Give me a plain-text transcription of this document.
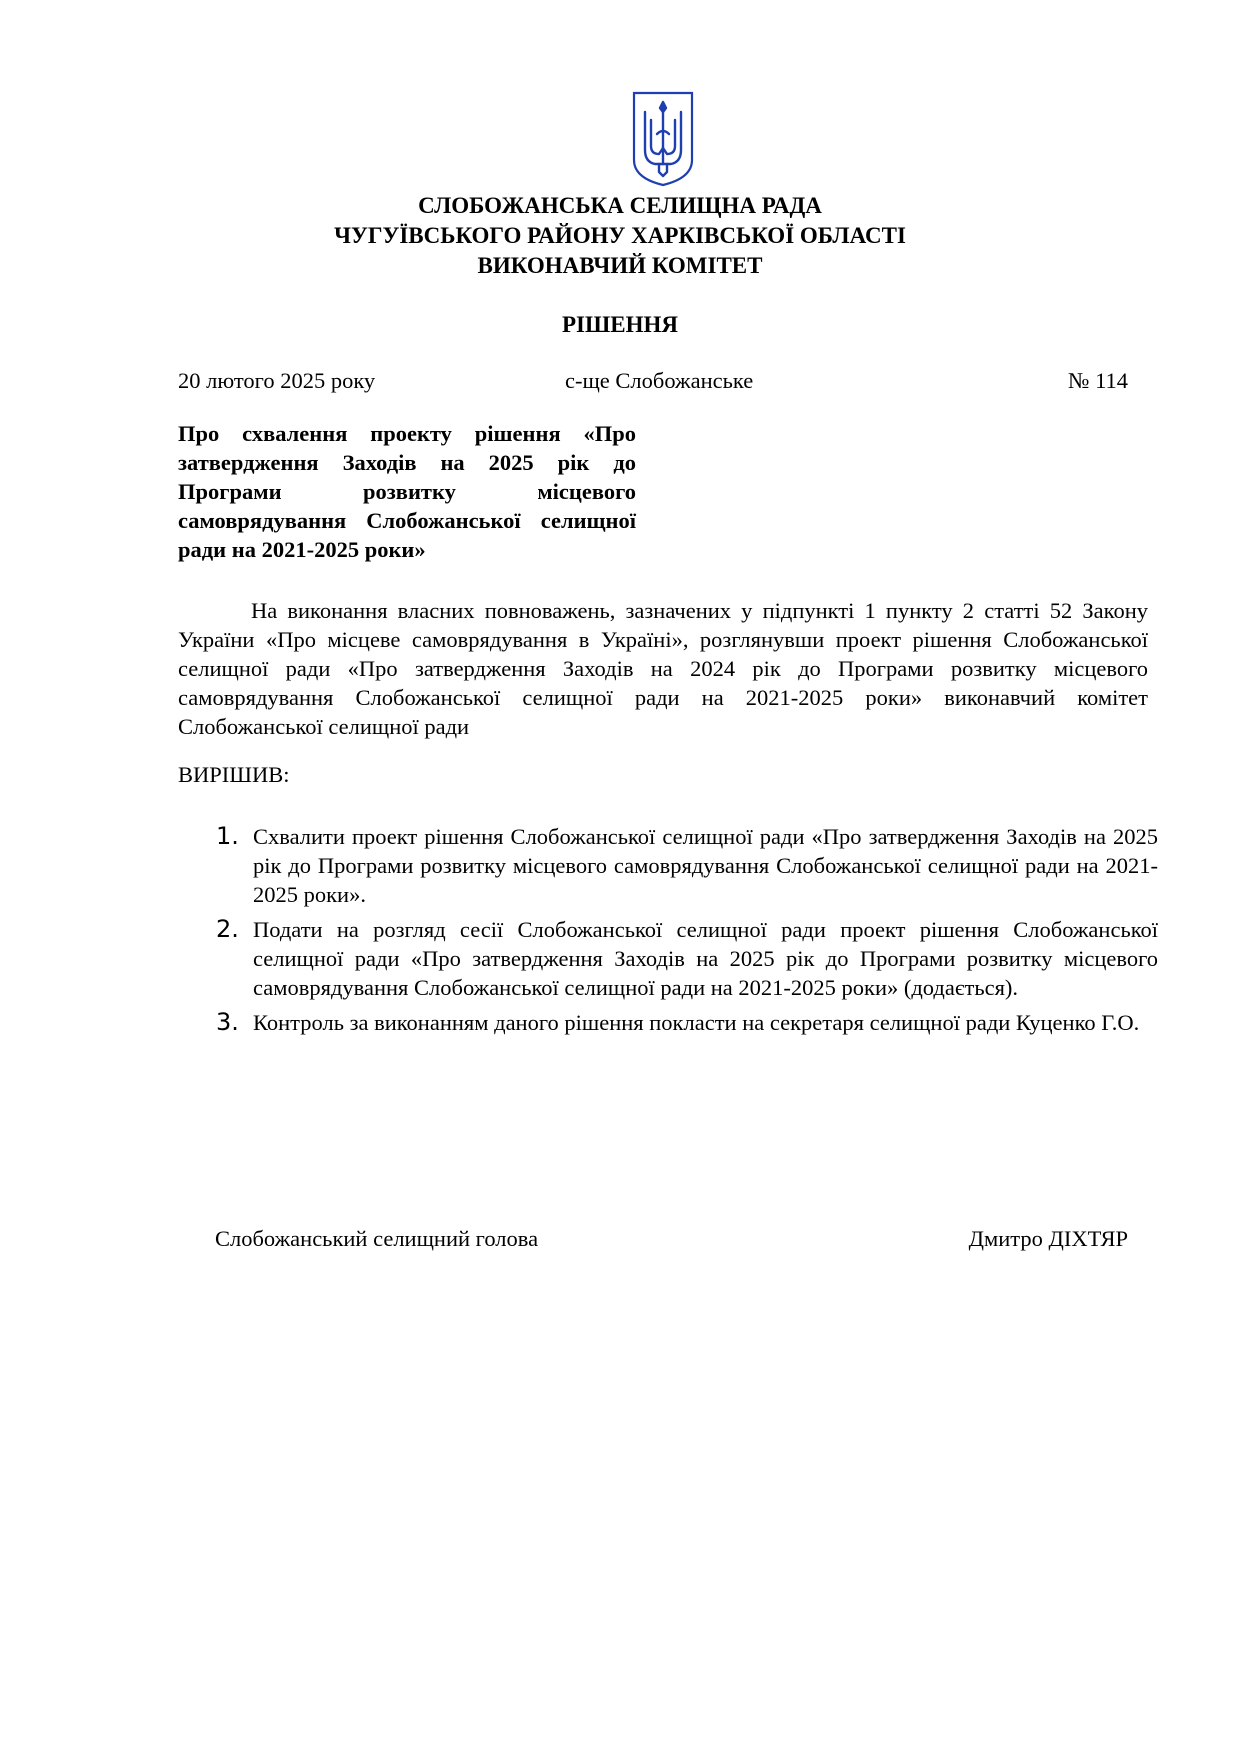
СЛОБОЖАНСЬКА СЕЛИЩНА РАДА
ЧУГУЇВСЬКОГО РАЙОНУ ХАРКІВСЬКОЇ ОБЛАСТІ
ВИКОНАВЧИЙ КОМІТЕТ
РІШЕННЯ
20 лютого 2025 року	с-ще Слобожанське	№ 114
Про схвалення проекту рішення «Про затвердження Заходів на 2025 рік до Програми розвитку місцевого самоврядування Слобожанської селищної ради на 2021-2025 роки»
На виконання власних повноважень, зазначених у підпункті 1 пункту 2 статті 52 Закону України «Про місцеве самоврядування в Україні», розглянувши проект рішення Слобожанської селищної ради «Про затвердження Заходів на 2024 рік до Програми розвитку місцевого самоврядування Слобожанської селищної ради на 2021-2025 роки» виконавчий комітет Слобожанської селищної ради
ВИРІШИВ:
1. Схвалити проект рішення Слобожанської селищної ради «Про затвердження Заходів на 2025 рік до Програми розвитку місцевого самоврядування Слобожанської селищної ради на 2021-2025 роки».
2. Подати на розгляд сесії Слобожанської селищної ради проект рішення Слобожанської селищної ради «Про затвердження Заходів на 2025 рік до Програми розвитку місцевого самоврядування Слобожанської селищної ради на 2021-2025 роки» (додається).
3. Контроль за виконанням даного рішення покласти на секретаря селищної ради Куценко Г.О.
Слобожанський селищний голова	Дмитро ДІХТЯР
